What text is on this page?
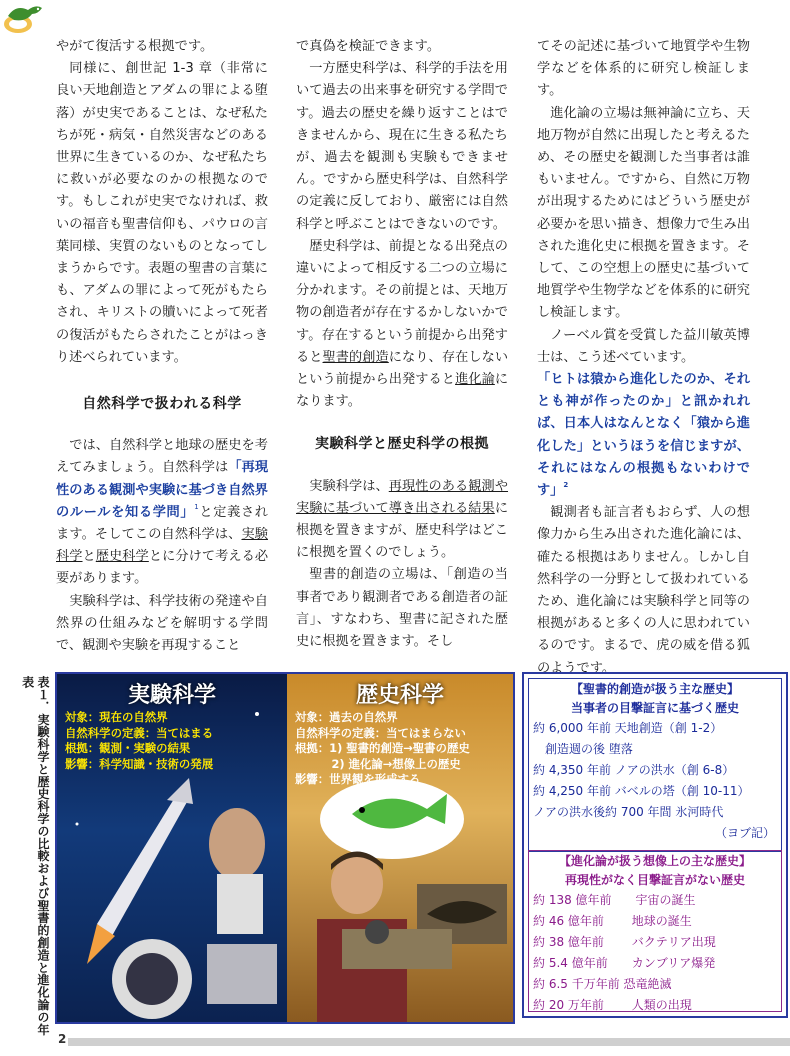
やがて復活する根拠です。

同様に、創世記 1-3 章（非常に良い天地創造とアダムの罪による堕落）が史実であることは、なぜ私たちが死・病気・自然災害などのある世界に生きているのか、なぜ私たちに救いが必要なのかの根拠なのです。もしこれが史実でなければ、救いの福音も聖書信仰も、パウロの言葉同様、実質のないものとなってしまうからです。表題の聖書の言葉にも、アダムの罪によって死がもたらされ、キリストの贖いによって死者の復活がもたらされたことがはっきり述べられています。

自然科学で扱われる科学

では、自然科学と地球の歴史を考えてみましょう。自然科学は「再現性のある観測や実験に基づき自然界のルールを知る学問」$^1$と定義されます。そしてこの自然科学は、実験科学と歴史科学とに分けて考える必要があります。

実験科学は、科学技術の発達や自然界の仕組みなどを解明する学問で、観測や実験を再現すること

で真偽を検証できます。

一方歴史科学は、科学的手法を用いて過去の出来事を研究する学問です。過去の歴史を繰り返すことはできませんから、現在に生きる私たちが、過去を観測も実験もできません。ですから歴史科学は、自然科学の定義に反しており、厳密には自然科学と呼ぶことはできないのです。

歴史科学は、前提となる出発点の違いによって相反する二つの立場に分かれます。その前提とは、天地万物の創造者が存在するかしないかです。存在するという前提から出発すると聖書的創造になり、存在しないという前提から出発すると進化論になります。

実験科学と歴史科学の根拠

実験科学は、再現性のある観測や実験に基づいて導き出される結果に根拠を置きますが、歴史科学はどこに根拠を置くのでしょう。

聖書的創造の立場は、「創造の当事者であり観測者である創造者の証言」、すなわち、聖書に記された歴史に根拠を置きます。そし

てその記述に基づいて地質学や生物学などを体系的に研究し検証します。

進化論の立場は無神論に立ち、天地万物が自然に出現したと考えるため、その歴史を観測した当事者は誰もいません。ですから、自然に万物が出現するためにはどういう歴史が必要かを思い描き、想像力で生み出された進化史に根拠を置きます。そして、この空想上の歴史に基づいて地質学や生物学などを体系的に研究し検証します。

ノーベル賞を受賞した益川敏英博士は、こう述べています。

「ヒトは猿から進化したのか、それとも神が作ったのか」と訊かれれば、日本人はなんとなく「猿から進化した」というほうを信じますが、それにはなんの根拠もないわけです」$^2$

観測者も証言者もおらず、人の想像力から生み出された進化論には、確たる根拠はありません。しかし自然科学の一分野として扱われているため、進化論には実験科学と同等の根拠があると多くの人に思われているのです。まるで、虎の威を借る狐のようです。

表１．実験科学と歴史科学の比較および聖書的創造と進化論の年表
実験科学
対象：現在の自然界
自然科学の定義：当てはまる
根拠：観測・実験の結果
影響：科学知識・技術の発展
歴史科学
対象：過去の自然界
自然科学の定義：当てはまらない
根拠：1) 聖書的創造→聖書の歴史
2) 進化論→想像上の歴史
影響：世界観を形成する
【聖書的創造が扱う主な歴史】
当事者の目撃証言に基づく歴史
約 6,000 年前 天地創造（創 1-2）
　創造週の後 堕落
約 4,350 年前 ノアの洪水（創 6-8）
約 4,250 年前 バベルの塔（創 10-11）
ノアの洪水後約 700 年間 氷河時代
（ヨブ記）
【進化論が扱う想像上の主な歴史】
再現性がなく目撃証言がない歴史
約 138 億年前　　宇宙の誕生
約 46 億年前　　 地球の誕生
約 38 億年前　　 バクテリア出現
約 5.4 億年前　　カンブリア爆発
約 6.5 千万年前 恐竜絶滅
約 20 万年前　　 人類の出現
2
